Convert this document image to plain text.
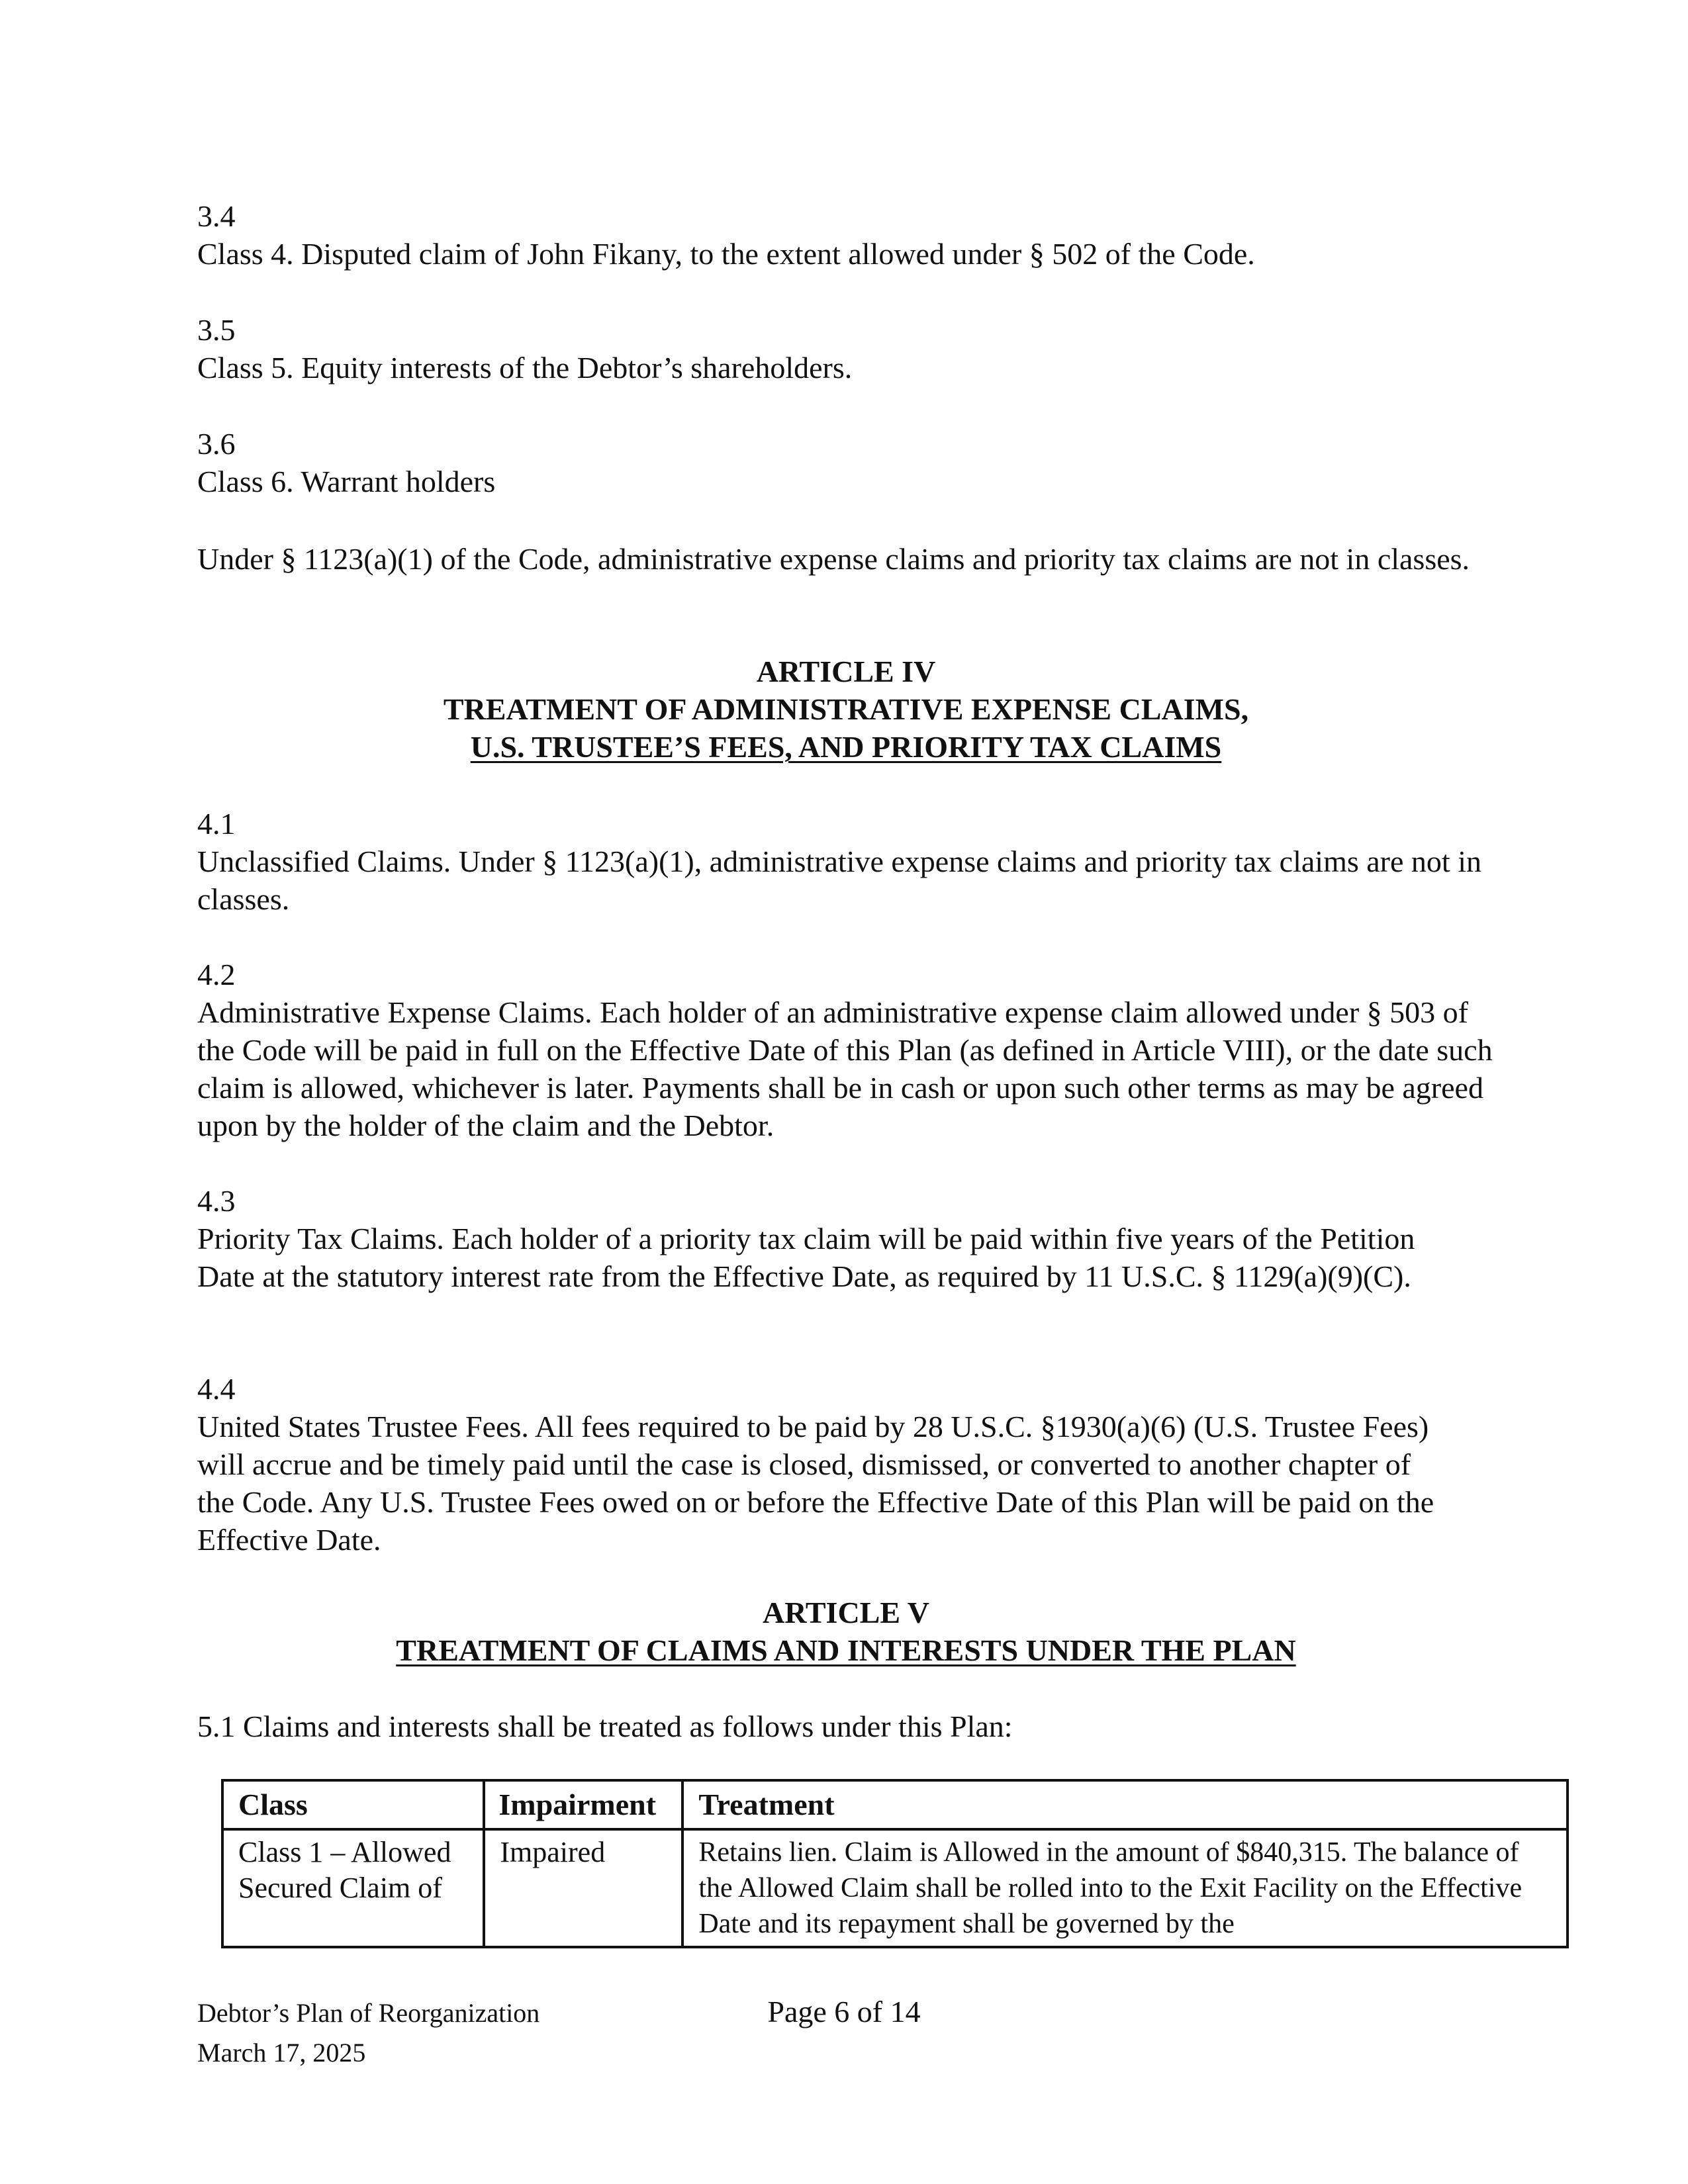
3.4
Class 4. Disputed claim of John Fikany, to the extent allowed under § 502 of the Code.
3.5
Class 5. Equity interests of the Debtor’s shareholders.
3.6
Class 6. Warrant holders
Under § 1123(a)(1) of the Code, administrative expense claims and priority tax claims are not in classes.
ARTICLE IV
TREATMENT OF ADMINISTRATIVE EXPENSE CLAIMS,
U.S. TRUSTEE’S FEES, AND PRIORITY TAX CLAIMS
4.1
Unclassified Claims. Under § 1123(a)(1), administrative expense claims and priority tax claims are not in classes.
4.2
Administrative Expense Claims. Each holder of an administrative expense claim allowed under § 503 of the Code will be paid in full on the Effective Date of this Plan (as defined in Article VIII), or the date such claim is allowed, whichever is later. Payments shall be in cash or upon such other terms as may be agreed upon by the holder of the claim and the Debtor.
4.3
Priority Tax Claims. Each holder of a priority tax claim will be paid within five years of the Petition Date at the statutory interest rate from the Effective Date, as required by 11 U.S.C. § 1129(a)(9)(C).
4.4
United States Trustee Fees. All fees required to be paid by 28 U.S.C. §1930(a)(6) (U.S. Trustee Fees) will accrue and be timely paid until the case is closed, dismissed, or converted to another chapter of the Code. Any U.S. Trustee Fees owed on or before the Effective Date of this Plan will be paid on the Effective Date.
ARTICLE V
TREATMENT OF CLAIMS AND INTERESTS UNDER THE PLAN
5.1 Claims and interests shall be treated as follows under this Plan:
Class	Impairment	Treatment
Class 1 – Allowed Secured Claim of	Impaired	Retains lien. Claim is Allowed in the amount of $840,315. The balance of the Allowed Claim shall be rolled into to the Exit Facility on the Effective Date and its repayment shall be governed by the
Debtor’s Plan of Reorganization
March 17, 2025
Page 6 of 14
